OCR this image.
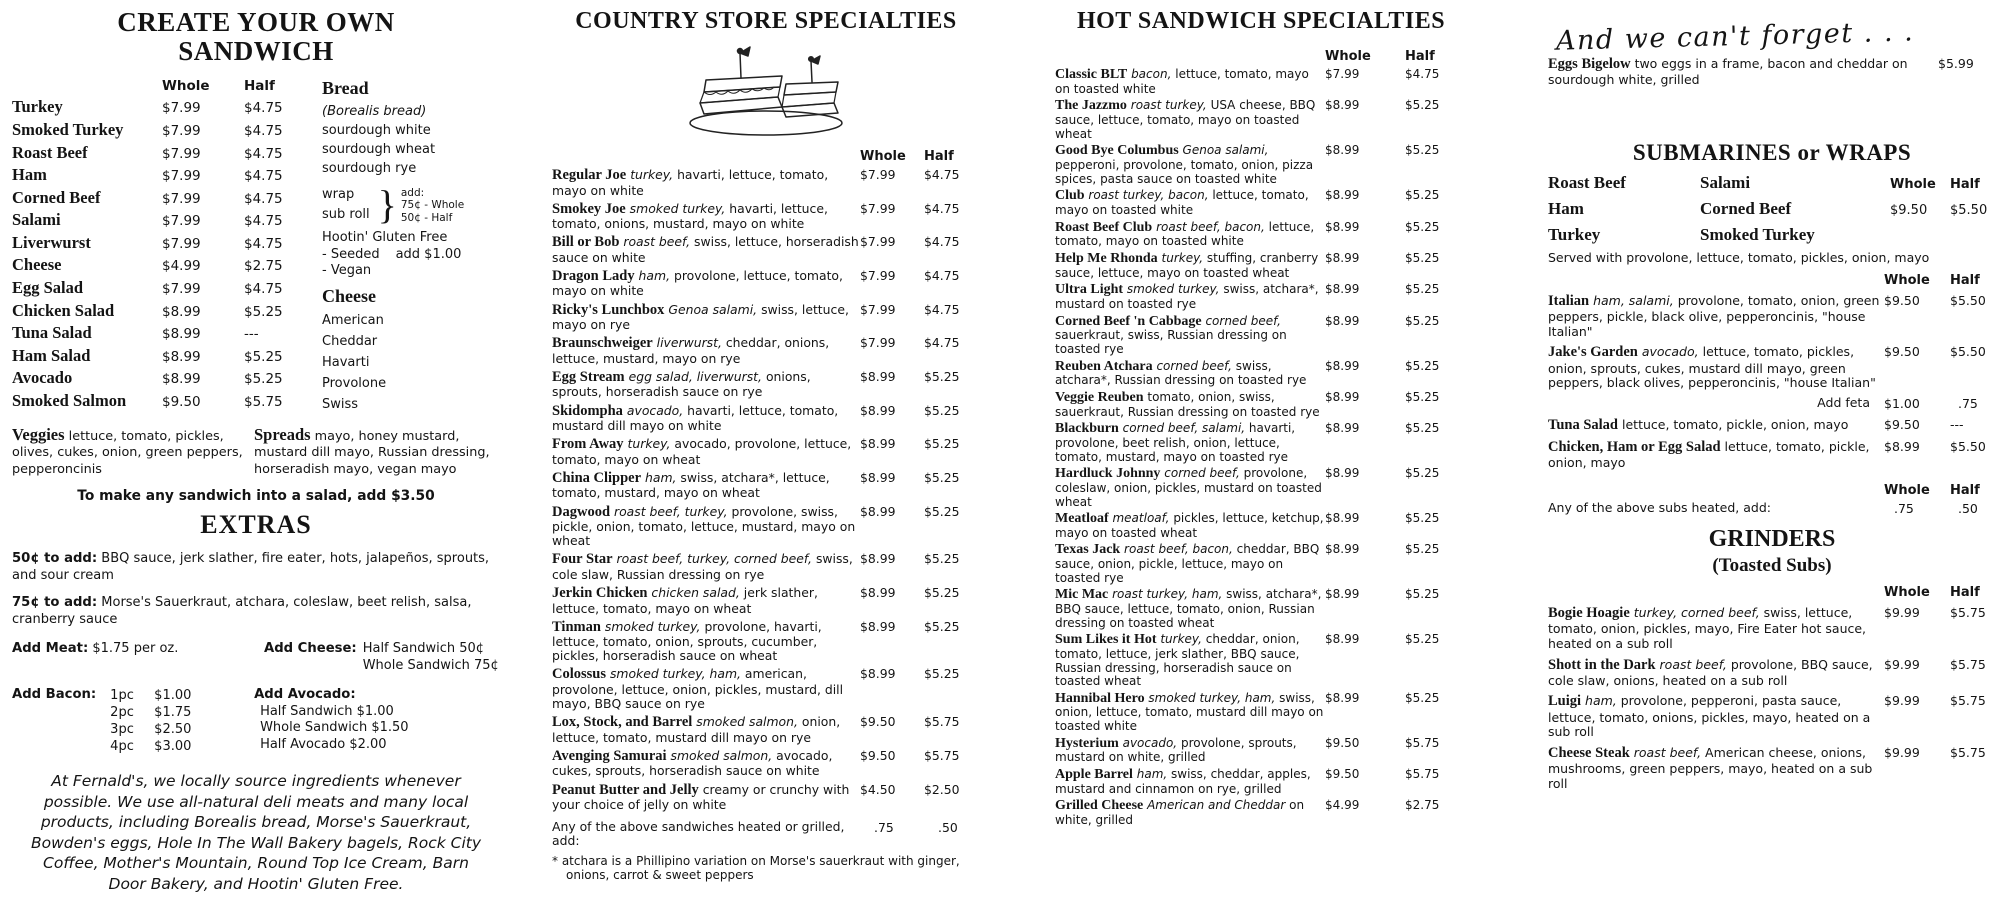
CREATE YOUR OWN
SANDWICH
Whole	Half
Turkey	$7.99	$4.75
Smoked Turkey	$7.99	$4.75
Roast Beef	$7.99	$4.75
Ham	$7.99	$4.75
Corned Beef	$7.99	$4.75
Salami	$7.99	$4.75
Liverwurst	$7.99	$4.75
Cheese	$4.99	$2.75
Egg Salad	$7.99	$4.75
Chicken Salad	$8.99	$5.25
Tuna Salad	$8.99	---
Ham Salad	$8.99	$5.25
Avocado	$8.99	$5.25
Smoked Salmon	$9.50	$5.75
Bread
(Borealis bread)
sourdough white
sourdough wheat
sourdough rye
wrap
sub roll } add:
75¢ - Whole
50¢ - Half
Hootin' Gluten Free
- Seeded add $1.00
- Vegan
Cheese
American
Cheddar
Havarti
Provolone
Swiss

Veggies lettuce, tomato, pickles, olives, cukes, onion, green peppers, pepperoncinis

Spreads mayo, honey mustard, mustard dill mayo, Russian dressing, horseradish mayo, vegan mayo

To make any sandwich into a salad, add $3.50

EXTRAS

50¢ to add: BBQ sauce, jerk slather, fire eater, hots, jalapeños, sprouts, and sour cream

75¢ to add: Morse's Sauerkraut, atchara, coleslaw, beet relish, salsa, cranberry sauce

Add Meat: $1.75 per oz.	Add Cheese: Half Sandwich 50¢
Whole Sandwich 75¢

Add Bacon: 1pc	$1.00
2pc	$1.75
3pc	$2.50
4pc	$3.00

Add Avocado:
Half Sandwich $1.00
Whole Sandwich $1.50
Half Avocado $2.00

At Fernald's, we locally source ingredients whenever possible. We use all-natural deli meats and many local products, including Borealis bread, Morse's Sauerkraut, Bowden's eggs, Hole In The Wall Bakery bagels, Rock City Coffee, Mother's Mountain, Round Top Ice Cream, Barn Door Bakery, and Hootin' Gluten Free.

COUNTRY STORE SPECIALTIES
Whole	Half
Regular Joe turkey, havarti, lettuce, tomato, mayo on white
$7.99	$4.75
Smokey Joe smoked turkey, havarti, lettuce, tomato, onions, mustard, mayo on white
$7.99	$4.75
Bill or Bob roast beef, swiss, lettuce, horseradish sauce on white
$7.99	$4.75
Dragon Lady ham, provolone, lettuce, tomato, mayo on white
$7.99	$4.75
Ricky's Lunchbox Genoa salami, swiss, lettuce, mayo on rye
$7.99	$4.75
Braunschweiger liverwurst, cheddar, onions, lettuce, mustard, mayo on rye
$7.99	$4.75
Egg Stream egg salad, liverwurst, onions, sprouts, horseradish sauce on rye
$8.99	$5.25
Skidompha avocado, havarti, lettuce, tomato, mustard dill mayo on white
$8.99	$5.25
From Away turkey, avocado, provolone, lettuce, tomato, mayo on wheat
$8.99	$5.25
China Clipper ham, swiss, atchara*, lettuce, tomato, mustard, mayo on wheat
$8.99	$5.25
Dagwood roast beef, turkey, provolone, swiss, pickle, onion, tomato, lettuce, mustard, mayo on wheat
$8.99	$5.25
Four Star roast beef, turkey, corned beef, swiss, cole slaw, Russian dressing on rye
$8.99	$5.25
Jerkin Chicken chicken salad, jerk slather, lettuce, tomato, mayo on wheat
$8.99	$5.25
Tinman smoked turkey, provolone, havarti, lettuce, tomato, onion, sprouts, cucumber, pickles, horseradish sauce on wheat
$8.99	$5.25
Colossus smoked turkey, ham, american, provolone, lettuce, onion, pickles, mustard, dill mayo, BBQ sauce on rye
$8.99	$5.25
Lox, Stock, and Barrel smoked salmon, onion, lettuce, tomato, mustard dill mayo on rye
$9.50	$5.75
Avenging Samurai smoked salmon, avocado, cukes, sprouts, horseradish sauce on white
$9.50	$5.75
Peanut Butter and Jelly creamy or crunchy with your choice of jelly on white
$4.50	$2.50
Any of the above sandwiches heated or grilled, add:
.75	.50

* atchara is a Phillipino variation on Morse's sauerkraut with ginger, onions, carrot & sweet peppers

HOT SANDWICH SPECIALTIES
Whole	Half
Classic BLT bacon, lettuce, tomato, mayo on toasted white
$7.99	$4.75
The Jazzmo roast turkey, USA cheese, BBQ sauce, lettuce, tomato, mayo on toasted wheat
$8.99	$5.25
Good Bye Columbus Genoa salami, pepperoni, provolone, tomato, onion, pizza spices, pasta sauce on toasted white
$8.99	$5.25
Club roast turkey, bacon, lettuce, tomato, mayo on toasted white
$8.99	$5.25
Roast Beef Club roast beef, bacon, lettuce, tomato, mayo on toasted white
$8.99	$5.25
Help Me Rhonda turkey, stuffing, cranberry sauce, lettuce, mayo on toasted wheat
$8.99	$5.25
Ultra Light smoked turkey, swiss, atchara*, mustard on toasted rye
$8.99	$5.25
Corned Beef 'n Cabbage corned beef, sauerkraut, swiss, Russian dressing on toasted rye
$8.99	$5.25
Reuben Atchara corned beef, swiss, atchara*, Russian dressing on toasted rye
$8.99	$5.25
Veggie Reuben tomato, onion, swiss, sauerkraut, Russian dressing on toasted rye
$8.99	$5.25
Blackburn corned beef, salami, havarti, provolone, beet relish, onion, lettuce, tomato, mustard, mayo on toasted rye
$8.99	$5.25
Hardluck Johnny corned beef, provolone, coleslaw, onion, pickles, mustard on toasted wheat
$8.99	$5.25
Meatloaf meatloaf, pickles, lettuce, ketchup, mayo on toasted wheat
$8.99	$5.25
Texas Jack roast beef, bacon, cheddar, BBQ sauce, onion, pickle, lettuce, mayo on toasted rye
$8.99	$5.25
Mic Mac roast turkey, ham, swiss, atchara*, BBQ sauce, lettuce, tomato, onion, Russian dressing on toasted wheat
$8.99	$5.25
Sum Likes it Hot turkey, cheddar, onion, tomato, lettuce, jerk slather, BBQ sauce, Russian dressing, horseradish sauce on toasted wheat
$8.99	$5.25
Hannibal Hero smoked turkey, ham, swiss, onion, lettuce, tomato, mustard dill mayo on toasted white
$8.99	$5.25
Hysterium avocado, provolone, sprouts, mustard on white, grilled
$9.50	$5.75
Apple Barrel ham, swiss, cheddar, apples, mustard and cinnamon on rye, grilled
$9.50	$5.75
Grilled Cheese American and Cheddar on white, grilled
$4.99	$2.75
And we can't forget . . .
Eggs Bigelow two eggs in a frame, bacon and cheddar on sourdough white, grilled
$5.99
SUBMARINES or WRAPS
Roast Beef	Salami	Whole	Half
Ham	Corned Beef	$9.50	$5.50
Turkey	Smoked Turkey

Served with provolone, lettuce, tomato, pickles, onion, mayo

Whole	Half
Italian ham, salami, provolone, tomato, onion, green peppers, pickle, black olive, pepperoncinis, "house Italian"
$9.50	$5.50
Jake's Garden avocado, lettuce, tomato, pickles, onion, sprouts, cukes, mustard dill mayo, green peppers, black olives, pepperoncinis, "house Italian"
$9.50	$5.50
Add feta	$1.00	.75
Tuna Salad lettuce, tomato, pickle, onion, mayo	$9.50	---
Chicken, Ham or Egg Salad lettuce, tomato, pickle, onion, mayo
$8.99	$5.50
Whole	Half
Any of the above subs heated, add:	.75	.50
GRINDERS
(Toasted Subs)
Whole	Half
Bogie Hoagie turkey, corned beef, swiss, lettuce, tomato, onion, pickles, mayo, Fire Eater hot sauce, heated on a sub roll
$9.99	$5.75
Shott in the Dark roast beef, provolone, BBQ sauce, cole slaw, onions, heated on a sub roll
$9.99	$5.75
Luigi ham, provolone, pepperoni, pasta sauce, lettuce, tomato, onions, pickles, mayo, heated on a sub roll
$9.99	$5.75
Cheese Steak roast beef, American cheese, onions, mushrooms, green peppers, mayo, heated on a sub roll
$9.99	$5.75
